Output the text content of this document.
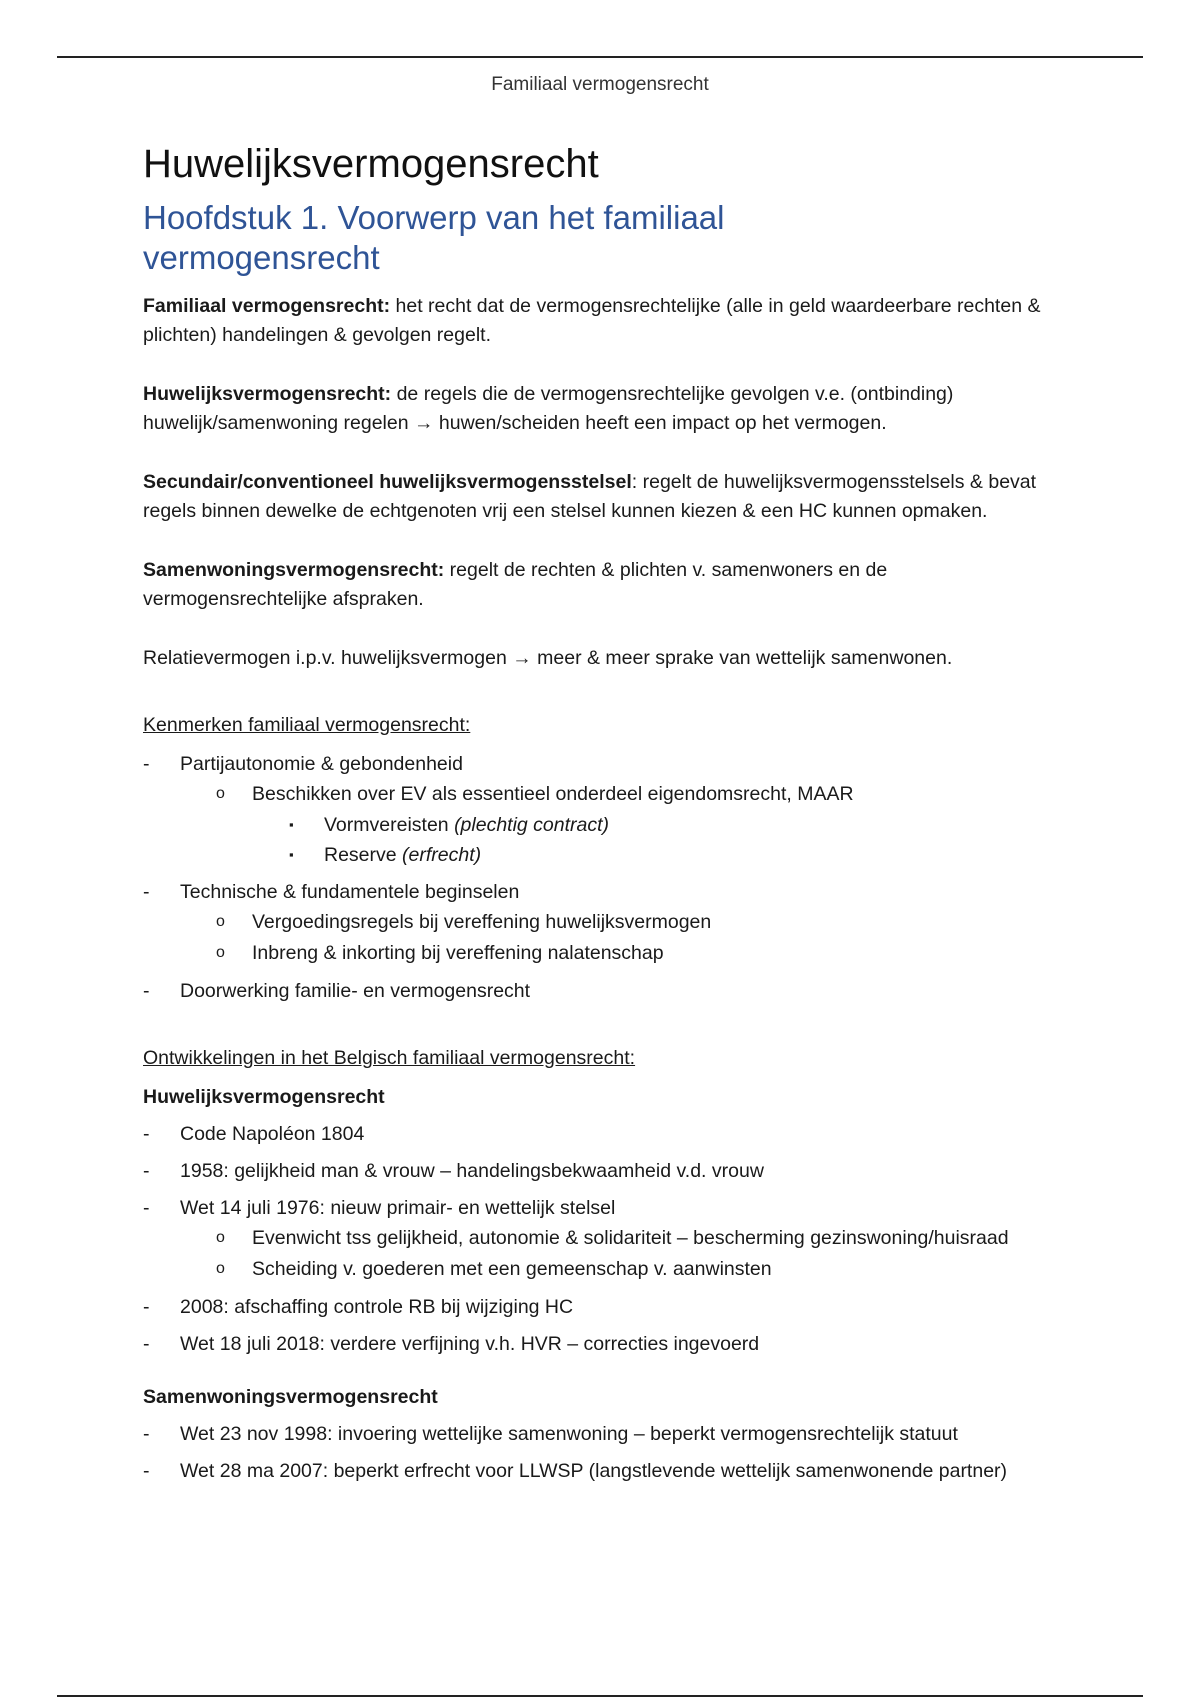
Familiaal vermogensrecht
Huwelijksvermogensrecht
Hoofdstuk 1. Voorwerp van het familiaal vermogensrecht

Familiaal vermogensrecht: het recht dat de vermogensrechtelijke (alle in geld waardeerbare rechten & plichten) handelingen & gevolgen regelt.

Huwelijksvermogensrecht: de regels die de vermogensrechtelijke gevolgen v.e. (ontbinding) huwelijk/samenwoning regelen → huwen/scheiden heeft een impact op het vermogen.

Secundair/conventioneel huwelijksvermogensstelsel: regelt de huwelijksvermogensstelsels & bevat regels binnen dewelke de echtgenoten vrij een stelsel kunnen kiezen & een HC kunnen opmaken.

Samenwoningsvermogensrecht: regelt de rechten & plichten v. samenwoners en de vermogensrechtelijke afspraken.

Relatievermogen i.p.v. huwelijksvermogen → meer & meer sprake van wettelijk samenwonen.

Kenmerken familiaal vermogensrecht:

- Partijautonomie & gebondenheid
o Beschikken over EV als essentieel onderdeel eigendomsrecht, MAAR
▪ Vormvereisten (plechtig contract)
▪ Reserve (erfrecht)
- Technische & fundamentele beginselen
o Vergoedingsregels bij vereffening huwelijksvermogen
o Inbreng & inkorting bij vereffening nalatenschap
- Doorwerking familie- en vermogensrecht

Ontwikkelingen in het Belgisch familiaal vermogensrecht:

Huwelijksvermogensrecht

- Code Napoléon 1804
- 1958: gelijkheid man & vrouw – handelingsbekwaamheid v.d. vrouw
- Wet 14 juli 1976: nieuw primair- en wettelijk stelsel
o Evenwicht tss gelijkheid, autonomie & solidariteit – bescherming gezinswoning/huisraad
o Scheiding v. goederen met een gemeenschap v. aanwinsten
- 2008: afschaffing controle RB bij wijziging HC
- Wet 18 juli 2018: verdere verfijning v.h. HVR – correcties ingevoerd

Samenwoningsvermogensrecht

- Wet 23 nov 1998: invoering wettelijke samenwoning – beperkt vermogensrechtelijk statuut
- Wet 28 ma 2007: beperkt erfrecht voor LLWSP (langstlevende wettelijk samenwonende partner)
